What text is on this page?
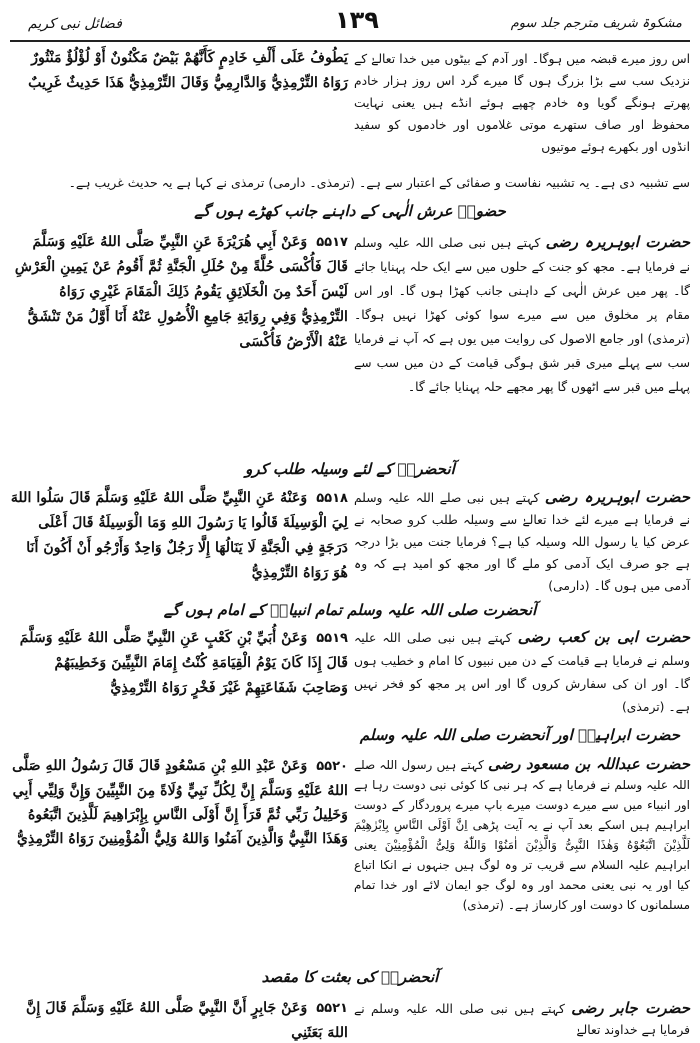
مشکوۃ شریف مترجم جلد سوم
۱۳۹
فضائل نبی کریم
يَطُوفُ عَلَى أَلْفِ خَادِمٍ كَأَنَّهُمْ بَيْضٌ مَكْنُونٌ أَوْ لُؤْلُؤٌ مَنْثُورٌ رَوَاهُ التِّرْمِذِيُّ وَالدَّارِمِيُّ وَقَالَ التِّرْمِذِيُّ هَذَا حَدِيثٌ غَرِيبٌ
اس روز میرے قبضہ میں ہوگا۔ اور آدم کے بیٹوں میں خدا تعالےٰ کے نزدیک سب سے بڑا بزرگ ہوں گا میرے گرد اس روز ہزار خادم پھرتے ہونگے گویا وہ خادم چھپے ہوئے انڈے ہیں یعنی نہایت محفوظ اور صاف ستھرے موتی غلاموں اور خادموں کو سفید انڈوں اور بکھرے ہوئے موتیوں
سے تشبیہ دی ہے۔ یہ تشبیہ نفاست و صفائی کے اعتبار سے ہے۔ (ترمذی۔ دارمی) ترمذی نے کہا ہے یہ حدیث غریب ہے۔
حضورؐ عرش الٰہی کے داہنے جانب کھڑے ہوں گے
۵۵۱۷ وَعَنْ أَبِي هُرَيْرَةَ عَنِ النَّبِيِّ صَلَّى اللهُ عَلَيْهِ وَسَلَّمَ قَالَ فَأُكْسَى حُلَّةً مِنْ حُلَلِ الْجَنَّةِ ثُمَّ أَقُومُ عَنْ يَمِينِ الْعَرْشِ لَيْسَ أَحَدٌ مِنَ الْخَلَائِقِ يَقُومُ ذَلِكَ الْمَقَامَ غَيْرِي رَوَاهُ التِّرْمِذِيُّ وَفِي رِوَايَةِ جَامِعِ الْأُصُولِ عَنْهُ أَنَا أَوَّلُ مَنْ تَنْشَقُّ عَنْهُ الْأَرْضُ فَأُكْسَى
حضرت ابوہریرہ رضی کہتے ہیں نبی صلی اللہ علیہ وسلم نے فرمایا ہے۔ مجھ کو جنت کے حلوں میں سے ایک حلہ پہنایا جائے گا۔ پھر میں عرش الٰہی کے داہنی جانب کھڑا ہوں گا۔ اور اس مقام پر مخلوق میں سے میرے سوا کوئی کھڑا نہیں ہوگا۔ (ترمذی) اور جامع الاصول کی روایت میں یوں ہے کہ آپ نے فرمایا سب سے پہلے میری قبر شق ہوگی قیامت کے دن میں سب سے پہلے میں قبر سے اٹھوں گا پھر مجھے حلہ پہنایا جائے گا۔
آنحضرتؐ کے لئے وسیلہ طلب کرو
۵۵۱۸ وَعَنْهُ عَنِ النَّبِيِّ صَلَّى اللهُ عَلَيْهِ وَسَلَّمَ قَالَ سَلُوا اللهَ لِيَ الْوَسِيلَةَ قَالُوا يَا رَسُولَ اللهِ وَمَا الْوَسِيلَةُ قَالَ أَعْلَى دَرَجَةٍ فِي الْجَنَّةِ لَا يَنَالُهَا إِلَّا رَجُلٌ وَاحِدٌ وَأَرْجُو أَنْ أَكُونَ أَنَا هُوَ رَوَاهُ التِّرْمِذِيُّ
حضرت ابوہریرہ رضی کہتے ہیں نبی صلے اللہ علیہ وسلم نے فرمایا ہے میرے لئے خدا تعالےٰ سے وسیلہ طلب کرو صحابہ نے عرض کیا یا رسول اللہ وسیلہ کیا ہے؟ فرمایا جنت میں بڑا درجہ ہے جو صرف ایک آدمی کو ملے گا اور مجھ کو امید ہے کہ وہ آدمی میں ہوں گا۔ (دارمی)
آنحضرت صلی اللہ علیہ وسلم تمام انبیاءؑ کے امام ہوں گے
۵۵۱۹ وَعَنْ أُبَيِّ بْنِ كَعْبٍ عَنِ النَّبِيِّ صَلَّى اللهُ عَلَيْهِ وَسَلَّمَ قَالَ إِذَا كَانَ يَوْمُ الْقِيَامَةِ كُنْتُ إِمَامَ النَّبِيِّينَ وَخَطِيبَهُمْ وَصَاحِبَ شَفَاعَتِهِمْ غَيْرَ فَخْرٍ رَوَاهُ التِّرْمِذِيُّ
حضرت ابی بن کعب رضی کہتے ہیں نبی صلی اللہ علیہ وسلم نے فرمایا ہے قیامت کے دن میں نبیوں کا امام و خطیب ہوں گا۔ اور ان کی سفارش کروں گا اور اس پر مجھ کو فخر نہیں ہے۔ (ترمذی)
حضرت ابراہیمؑ اور آنحضرت صلی اللہ علیہ وسلم
۵۵۲۰ وَعَنْ عَبْدِ اللهِ بْنِ مَسْعُودٍ قَالَ قَالَ رَسُولُ اللهِ صَلَّى اللهُ عَلَيْهِ وَسَلَّمَ إِنَّ لِكُلِّ نَبِيٍّ وُلَاةً مِنَ النَّبِيِّينَ وَإِنَّ وَلِيِّي أَبِي وَخَلِيلُ رَبِّي ثُمَّ قَرَأَ إِنَّ أَوْلَى النَّاسِ بِإِبْرَاهِيمَ لَلَّذِينَ اتَّبَعُوهُ وَهَذَا النَّبِيُّ وَالَّذِينَ آمَنُوا وَاللهُ وَلِيُّ الْمُؤْمِنِينَ رَوَاهُ التِّرْمِذِيُّ
حضرت عبداللہ بن مسعود رضی کہتے ہیں رسول اللہ صلے اللہ علیہ وسلم نے فرمایا ہے کہ ہر نبی کا کوئی نبی دوست رہا ہے اور انبیاء میں سے میرے دوست میرے باپ میرے پروردگار کے دوست ابراہیم ہیں اسکے بعد آپ نے یہ آیت پڑھی اِنَّ اَوْلَی النَّاسِ بِاِبْرٰهِیْمَ لَلَّذِیْنَ اتَّبَعُوْهُ وَهٰذَا النَّبِیُّ وَالَّذِیْنَ اٰمَنُوْا وَاللّٰهُ وَلِیُّ الْمُؤْمِنِیْنَ یعنی ابراہیم علیہ السلام سے قریب تر وہ لوگ ہیں جنہوں نے انکا اتباع کیا اور یہ نبی یعنی محمد اور وہ لوگ جو ایمان لائے اور خدا تمام مسلمانوں کا دوست اور کارساز ہے۔ (ترمذی)
آنحضرتؐ کی بعثت کا مقصد
۵۵۲۱ وَعَنْ جَابِرٍ أَنَّ النَّبِيَّ صَلَّى اللهُ عَلَيْهِ وَسَلَّمَ قَالَ إِنَّ اللهَ بَعَثَنِي
حضرت جابر رضی کہتے ہیں نبی صلی اللہ علیہ وسلم نے فرمایا ہے خداوند تعالےٰ
